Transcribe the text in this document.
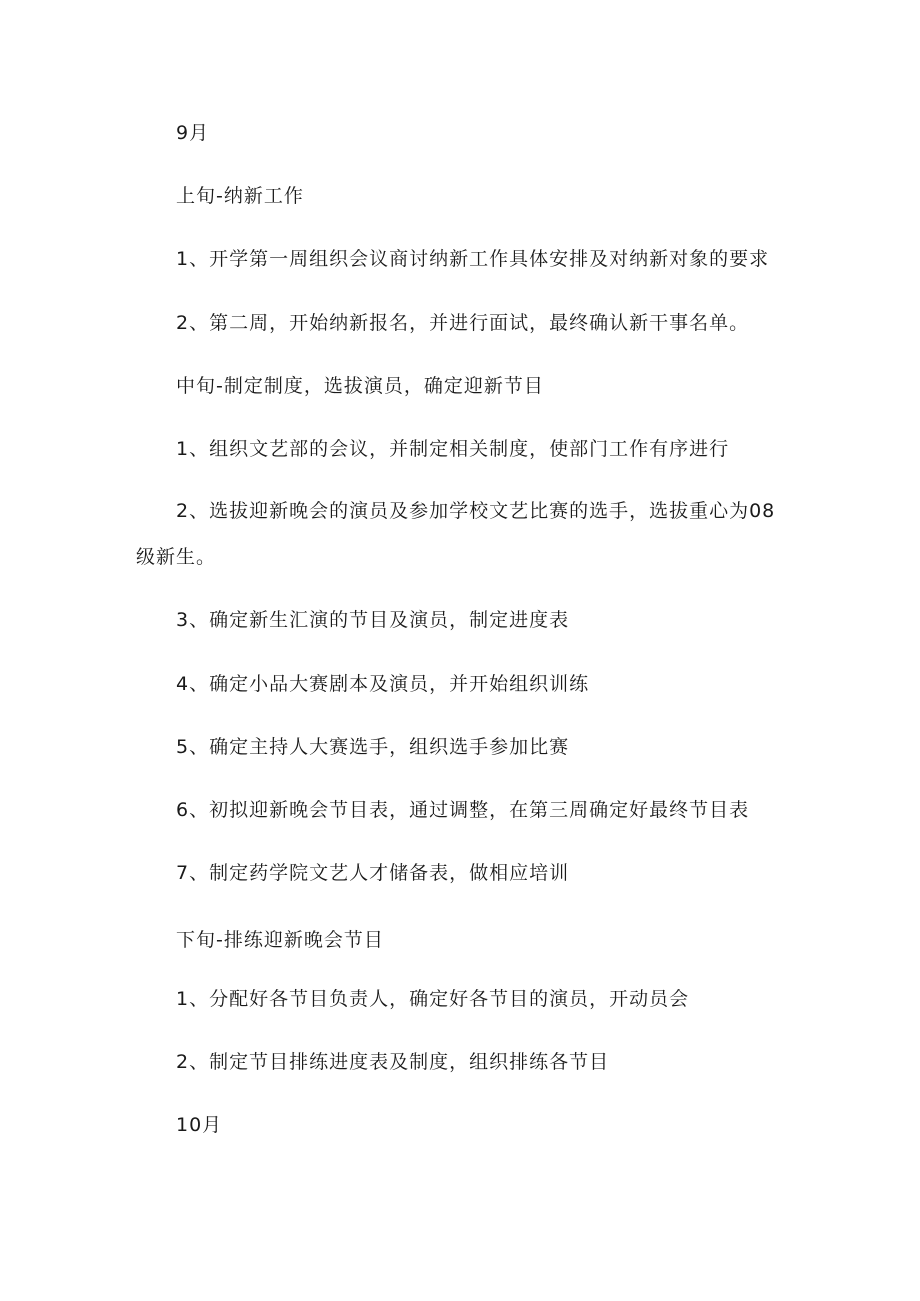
9月
上旬-纳新工作
1、开学第一周组织会议商讨纳新工作具体安排及对纳新对象的要求
2、第二周，开始纳新报名，并进行面试，最终确认新干事名单。
中旬-制定制度，选拔演员，确定迎新节目
1、组织文艺部的会议，并制定相关制度，使部门工作有序进行
2、选拔迎新晚会的演员及参加学校文艺比赛的选手，选拔重心为08
级新生。
3、确定新生汇演的节目及演员，制定进度表
4、确定小品大赛剧本及演员，并开始组织训练
5、确定主持人大赛选手，组织选手参加比赛
6、初拟迎新晚会节目表，通过调整，在第三周确定好最终节目表
7、制定药学院文艺人才储备表，做相应培训
下旬-排练迎新晚会节目
1、分配好各节目负责人，确定好各节目的演员，开动员会
2、制定节目排练进度表及制度，组织排练各节目
10月
